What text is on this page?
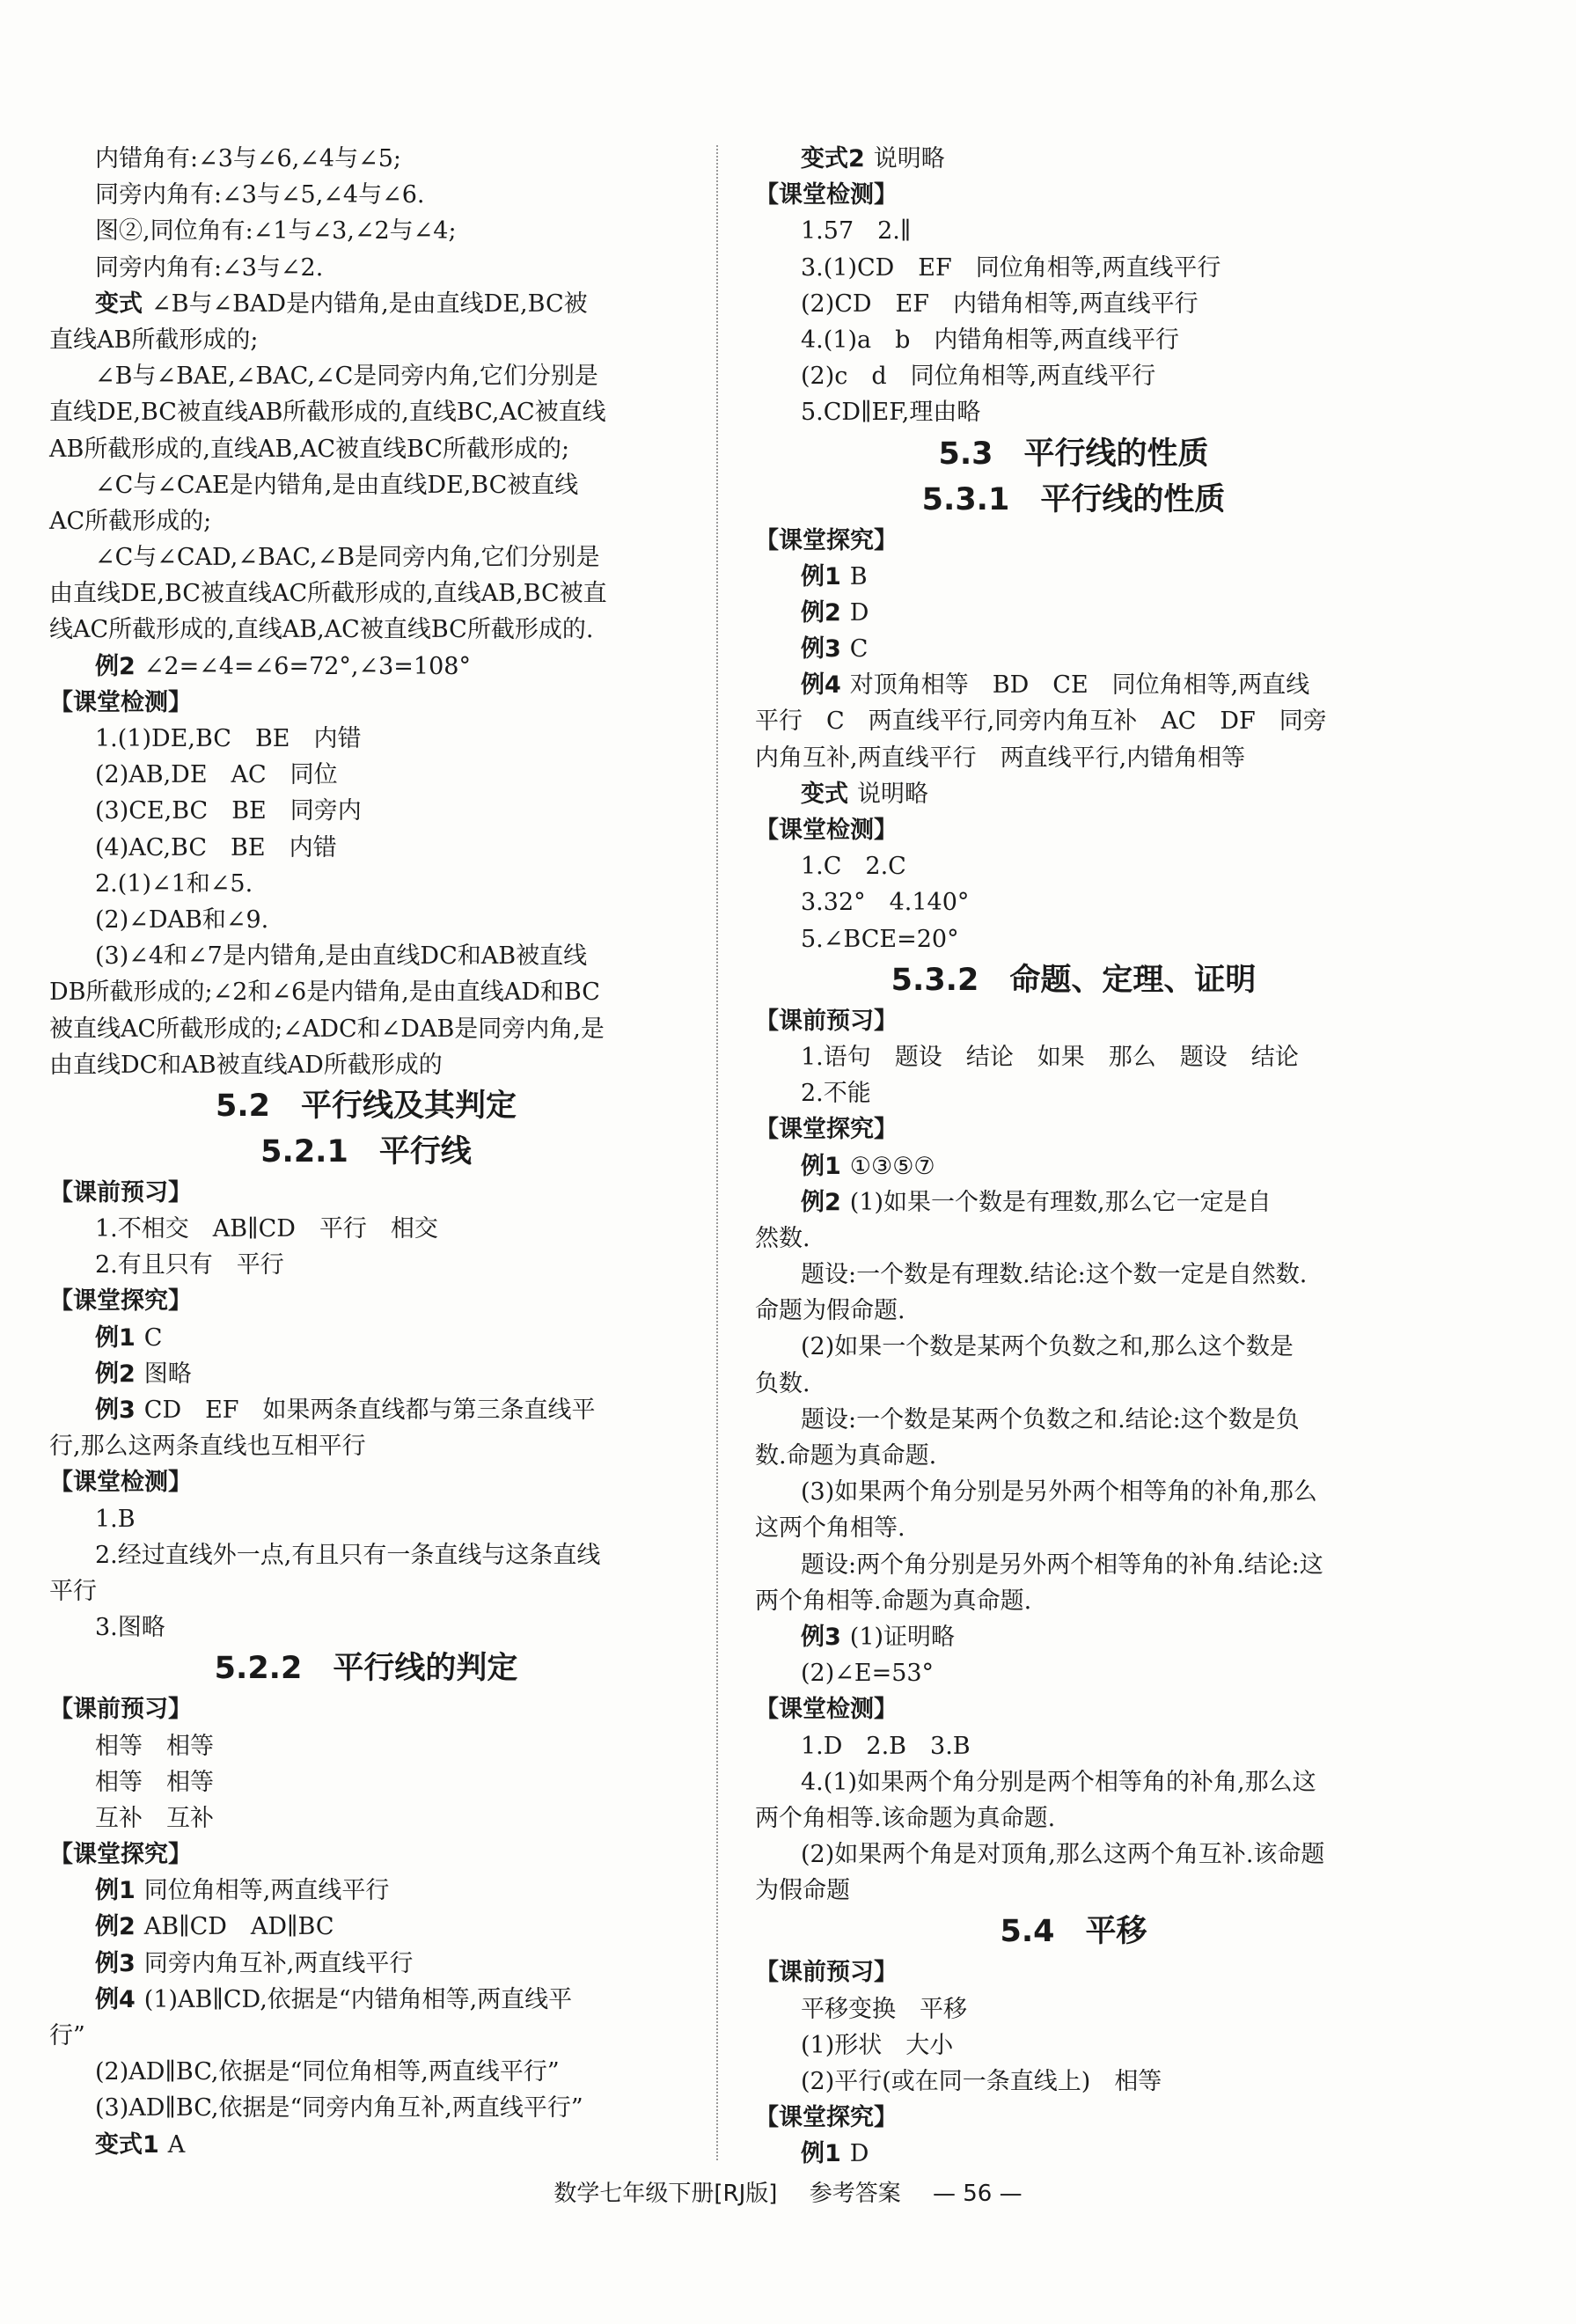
内错角有:∠3与∠6,∠4与∠5;
同旁内角有:∠3与∠5,∠4与∠6.
图②,同位角有:∠1与∠3,∠2与∠4;
同旁内角有:∠3与∠2.
变式 ∠B与∠BAD是内错角,是由直线DE,BC被
直线AB所截形成的;
∠B与∠BAE,∠BAC,∠C是同旁内角,它们分别是
直线DE,BC被直线AB所截形成的,直线BC,AC被直线
AB所截形成的,直线AB,AC被直线BC所截形成的;
∠C与∠CAE是内错角,是由直线DE,BC被直线
AC所截形成的;
∠C与∠CAD,∠BAC,∠B是同旁内角,它们分别是
由直线DE,BC被直线AC所截形成的,直线AB,BC被直
线AC所截形成的,直线AB,AC被直线BC所截形成的.
例2 ∠2=∠4=∠6=72°,∠3=108°
【课堂检测】
1.(1)DE,BC　BE　内错
(2)AB,DE　AC　同位
(3)CE,BC　BE　同旁内
(4)AC,BC　BE　内错
2.(1)∠1和∠5.
(2)∠DAB和∠9.
(3)∠4和∠7是内错角,是由直线DC和AB被直线
DB所截形成的;∠2和∠6是内错角,是由直线AD和BC
被直线AC所截形成的;∠ADC和∠DAB是同旁内角,是
由直线DC和AB被直线AD所截形成的
5.2　平行线及其判定
5.2.1　平行线
【课前预习】
1.不相交　AB∥CD　平行　相交
2.有且只有　平行
【课堂探究】
例1 C
例2 图略
例3 CD　EF　如果两条直线都与第三条直线平
行,那么这两条直线也互相平行
【课堂检测】
1.B
2.经过直线外一点,有且只有一条直线与这条直线
平行
3.图略
5.2.2　平行线的判定
【课前预习】
相等　相等
相等　相等
互补　互补
【课堂探究】
例1 同位角相等,两直线平行
例2 AB∥CD　AD∥BC
例3 同旁内角互补,两直线平行
例4 (1)AB∥CD,依据是“内错角相等,两直线平
行”
(2)AD∥BC,依据是“同位角相等,两直线平行”
(3)AD∥BC,依据是“同旁内角互补,两直线平行”
变式1 A
变式2 说明略
【课堂检测】
1.57　2.∥
3.(1)CD　EF　同位角相等,两直线平行
(2)CD　EF　内错角相等,两直线平行
4.(1)a　b　内错角相等,两直线平行
(2)c　d　同位角相等,两直线平行
5.CD∥EF,理由略
5.3　平行线的性质
5.3.1　平行线的性质
【课堂探究】
例1 B
例2 D
例3 C
例4 对顶角相等　BD　CE　同位角相等,两直线
平行　C　两直线平行,同旁内角互补　AC　DF　同旁
内角互补,两直线平行　两直线平行,内错角相等
变式 说明略
【课堂检测】
1.C　2.C
3.32°　4.140°
5.∠BCE=20°
5.3.2　命题、定理、证明
【课前预习】
1.语句　题设　结论　如果　那么　题设　结论
2.不能
【课堂探究】
例1 ①③⑤⑦
例2 (1)如果一个数是有理数,那么它一定是自
然数.
题设:一个数是有理数.结论:这个数一定是自然数.
命题为假命题.
(2)如果一个数是某两个负数之和,那么这个数是
负数.
题设:一个数是某两个负数之和.结论:这个数是负
数.命题为真命题.
(3)如果两个角分别是另外两个相等角的补角,那么
这两个角相等.
题设:两个角分别是另外两个相等角的补角.结论:这
两个角相等.命题为真命题.
例3 (1)证明略
(2)∠E=53°
【课堂检测】
1.D　2.B　3.B
4.(1)如果两个角分别是两个相等角的补角,那么这
两个角相等.该命题为真命题.
(2)如果两个角是对顶角,那么这两个角互补.该命题
为假命题
5.4　平移
【课前预习】
平移变换　平移
(1)形状　大小
(2)平行(或在同一条直线上)　相等
【课堂探究】
例1 D
数学七年级下册[RJ版] 参考答案 — 56 —
